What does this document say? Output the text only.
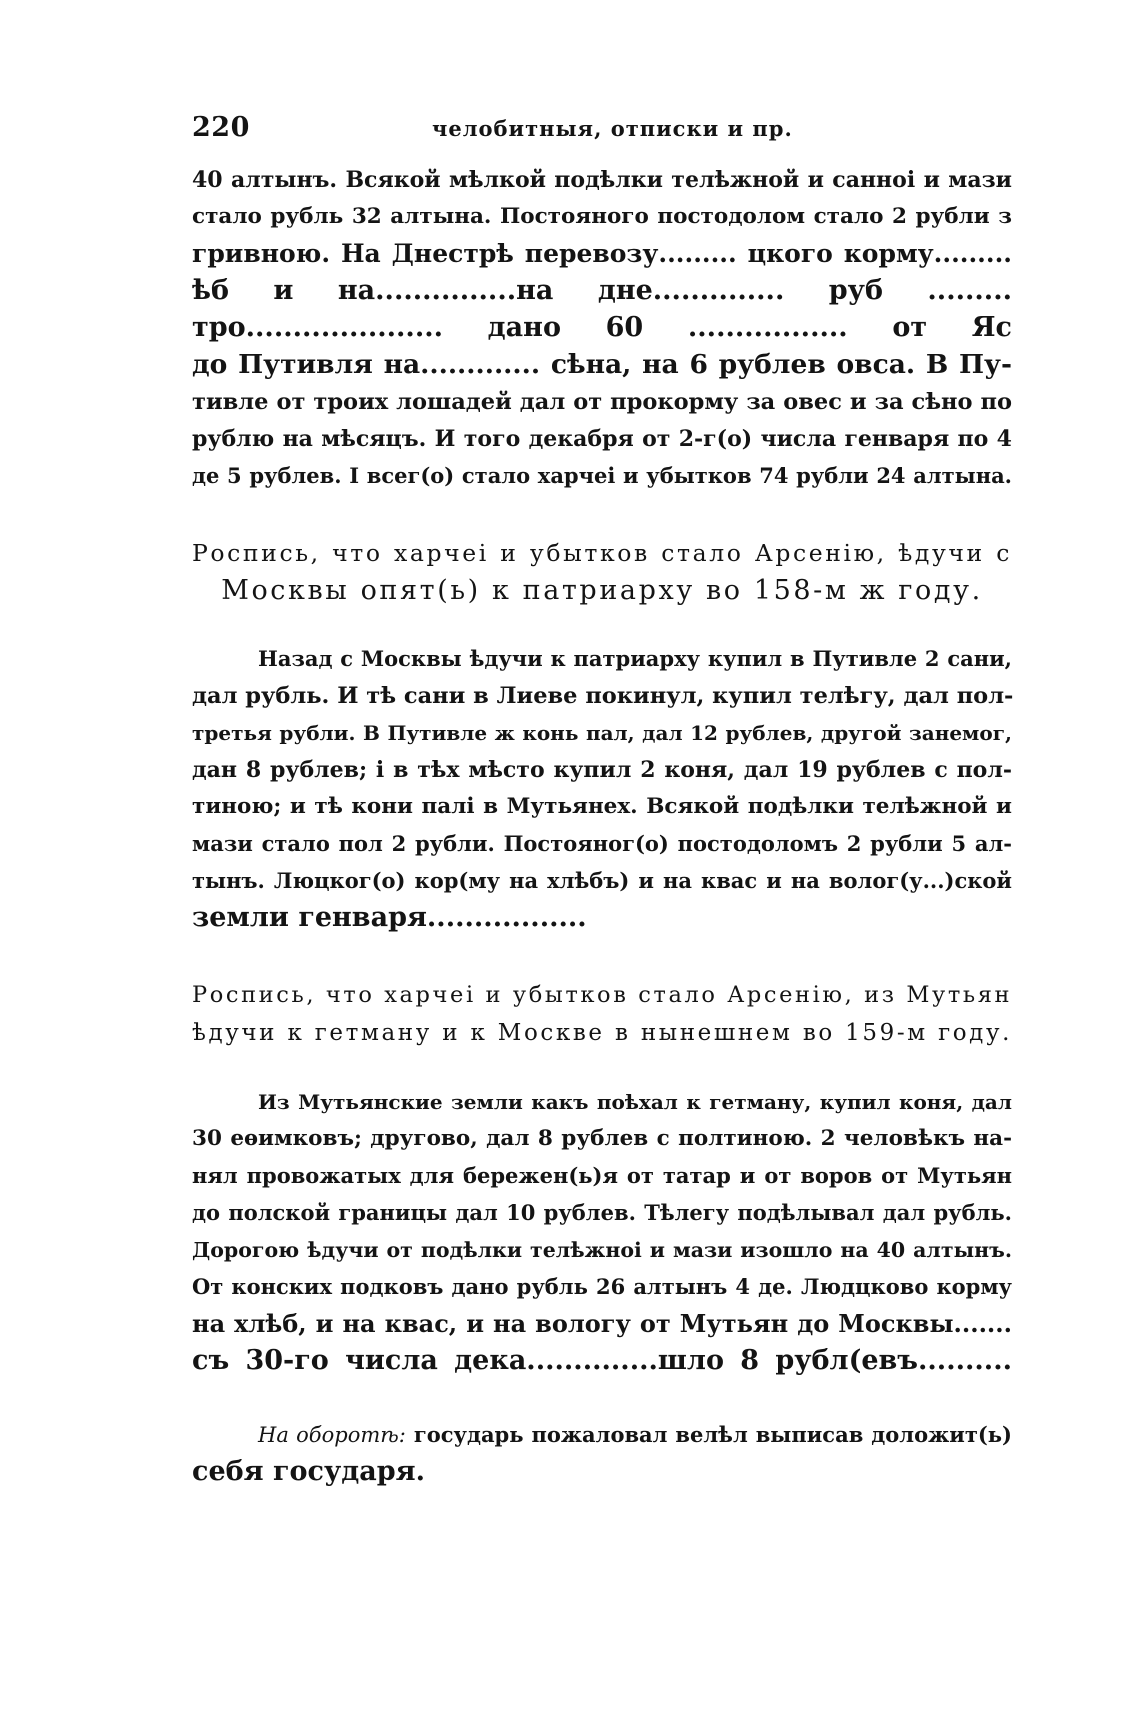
220	челобитныя, отписки и пр.
40 алтынъ. Всякой мѣлкой подѣлки телѣжной и санноі и мази
стало рубль 32 алтына. Постояного постодолом стало 2 рубли з
гривною. На Днестрѣ перевозу......... цкого корму.........
ѣб и на...............на дне.............. руб .........
тро..................... дано 60 ................. от Яс
до Путивля на............. сѣна, на 6 рублев овса. В Пу-
тивле от троих лошадей дал от прокорму за овес и за сѣно по
рублю на мѣсяцъ. И того декабря от 2-г(о) числа генваря по 4
де 5 рублев. І всег(о) стало харчеі и убытков 74 рубли 24 алтына.
Роспись, что харчеі и убытков стало Арсенію, ѣдучи с
Москвы опят(ь) к патриарху во 158-м ж году.
Назад с Москвы ѣдучи к патриарху купил в Путивле 2 сани,
дал рубль. И тѣ сани в Лиеве покинул, купил телѣгу, дал пол-
третья рубли. В Путивле ж конь пал, дал 12 рублев, другой занемог,
дан 8 рублев; і в тѣх мѣсто купил 2 коня, дал 19 рублев с пол-
тиною; и тѣ кони палі в Мутьянех. Всякой подѣлки телѣжной и
мази стало пол 2 рубли. Постояног(о) постодоломъ 2 рубли 5 ал-
тынъ. Люцког(о) кор(му на хлѣбъ) и на квас и на волог(у...)ской
земли генваря.................
Роспись, что харчеі и убытков стало Арсенію, из Мутьян
ѣдучи к гетману и к Москве в нынешнем во 159-м году.
Из Мутьянские земли какъ поѣхал к гетману, купил коня, дал
30 еѳимковъ; другово, дал 8 рублев с полтиною. 2 человѣкъ на-
нял провожатых для бережен(ь)я от татар и от воров от Мутьян
до полской границы дал 10 рублев. Тѣлегу подѣлывал дал рубль.
Дорогою ѣдучи от подѣлки телѣжноі и мази изошло на 40 алтынъ.
От конских подковъ дано рубль 26 алтынъ 4 де. Людцково корму
на хлѣб, и на квас, и на вологу от Мутьян до Москвы.......
съ 30-го числа дека..............шло 8 рубл(евъ..........
На оборотѣ: государь пожаловал велѣл выписав доложит(ь)
себя государя.
